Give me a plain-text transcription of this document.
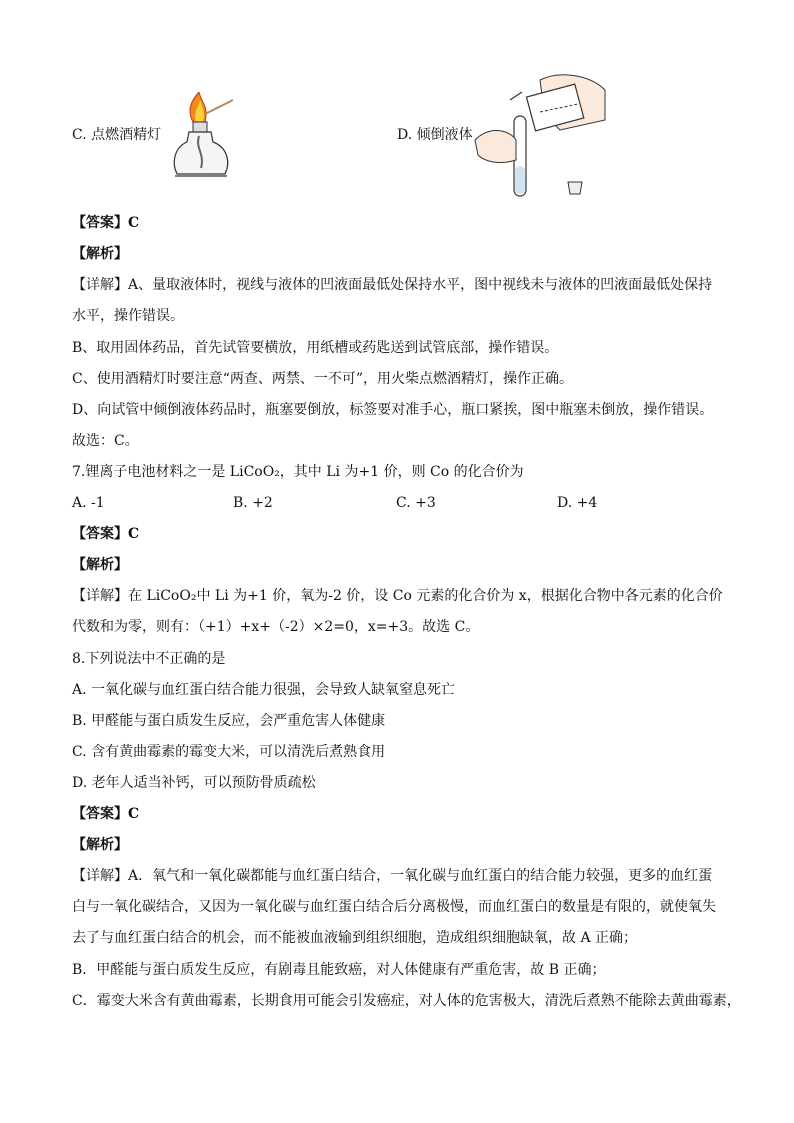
C. 点燃酒精灯	D. 倾倒液体
【答案】C
【解析】
【详解】A、量取液体时，视线与液体的凹液面最低处保持水平，图中视线未与液体的凹液面最低处保持水平，操作错误。
B、取用固体药品，首先试管要横放，用纸槽或药匙送到试管底部，操作错误。
C、使用酒精灯时要注意“两查、两禁、一不可”，用火柴点燃酒精灯，操作正确。
D、向试管中倾倒液体药品时，瓶塞要倒放，标签要对准手心，瓶口紧挨，图中瓶塞未倒放，操作错误。
故选：C。
7.锂离子电池材料之一是 LiCoO₂，其中 Li 为+1 价，则 Co 的化合价为
A. -1	B. +2	C. +3	D. +4
【答案】C
【解析】
【详解】在 LiCoO₂中 Li 为+1 价，氧为-2 价，设 Co 元素的化合价为 x，根据化合物中各元素的化合价代数和为零，则有：（+1）+x+（-2）×2=0，x=+3。故选 C。
8.下列说法中不正确的是
A. 一氧化碳与血红蛋白结合能力很强，会导致人缺氧窒息死亡
B. 甲醛能与蛋白质发生反应，会严重危害人体健康
C. 含有黄曲霉素的霉变大米，可以清洗后煮熟食用
D. 老年人适当补钙，可以预防骨质疏松
【答案】C
【解析】
【详解】A．氧气和一氧化碳都能与血红蛋白结合，一氧化碳与血红蛋白的结合能力较强，更多的血红蛋白与一氧化碳结合，又因为一氧化碳与血红蛋白结合后分离极慢，而血红蛋白的数量是有限的，就使氧失去了与血红蛋白结合的机会，而不能被血液输到组织细胞，造成组织细胞缺氧，故 A 正确；
B．甲醛能与蛋白质发生反应，有剧毒且能致癌，对人体健康有严重危害，故 B 正确；
C．霉变大米含有黄曲霉素，长期食用可能会引发癌症，对人体的危害极大，清洗后煮熟不能除去黄曲霉素，
